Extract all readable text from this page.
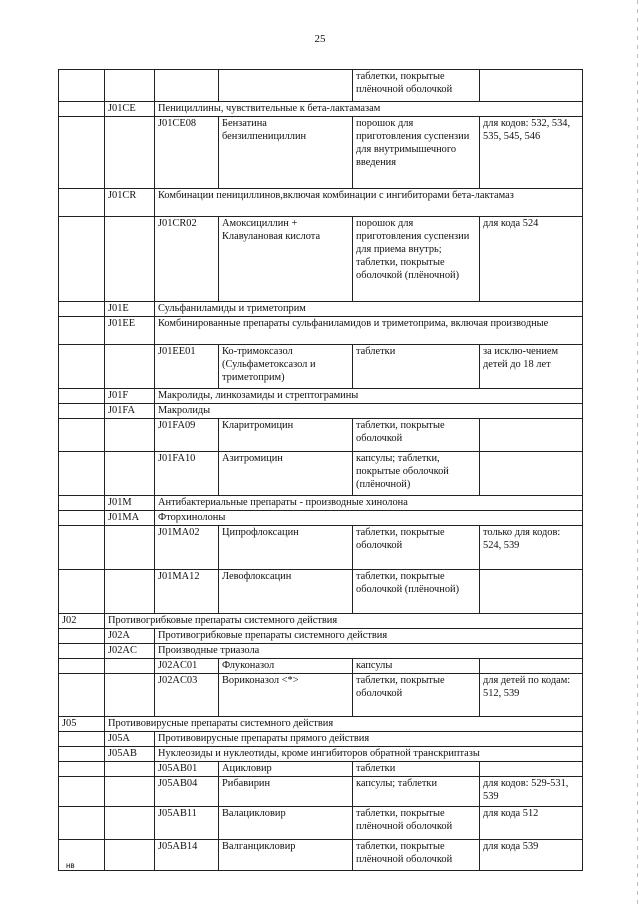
25
				таблетки, покрытые плёночной оболочкой	
	J01CE	Пенициллины, чувствительные к бета-лактамазам			
		J01CE08	Бензатина бензилпенициллин	порошок для приготовления суспензии для внутримышечного введения	для кодов: 532, 534, 535, 545, 546
	J01CR	Комбинации пенициллинов,включая комбинации с ингибиторами бета-лактамаз			
		J01CR02	Амоксициллин + Клавулановая кислота	порошок для приготовления суспензии для приема внутрь; таблетки, покрытые оболочкой (плёночной)	для кода 524
	J01E	Сульфаниламиды и триметоприм			
	J01EE	Комбинированные препараты сульфаниламидов и триметоприма, включая производные			
		J01EE01	Ко-тримоксазол (Сульфаметоксазол и триметоприм)	таблетки	за исклю-чением детей до 18 лет
	J01F	Макролиды, линкозамиды и стрептограмины			
	J01FA	Макролиды			
		J01FA09	Кларитромицин	таблетки, покрытые оболочкой	
		J01FA10	Азитромицин	капсулы; таблетки, покрытые оболочкой (плёночной)	
	J01M	Антибактериальные препараты - производные хинолона			
	J01MA	Фторхинолоны			
		J01MA02	Ципрофлоксацин	таблетки, покрытые оболочкой	только для кодов: 524, 539
		J01MA12	Левофлоксацин	таблетки, покрытые оболочкой (плёночной)	
J02	Противогрибковые препараты системного действия				
	J02A	Противогрибковые препараты системного действия			
	J02AC	Производные триазола			
		J02AC01	Флуконазол	капсулы	
		J02AC03	Вориконазол <*>	таблетки, покрытые оболочкой	для детей по кодам: 512, 539
J05	Противовирусные препараты системного действия				
	J05A	Противовирусные препараты прямого действия			
	J05AB	Нуклеозиды и нуклеотиды, кроме ингибиторов обратной транскриптазы			
		J05AB01	Ацикловир	таблетки	
		J05AB04	Рибавирин	капсулы; таблетки	для кодов: 529-531, 539
		J05AB11	Валацикловир	таблетки, покрытые плёночной оболочкой	для кода 512
		J05AB14	Валганцикловир	таблетки, покрытые плёночной оболочкой	для кода 539
нв
